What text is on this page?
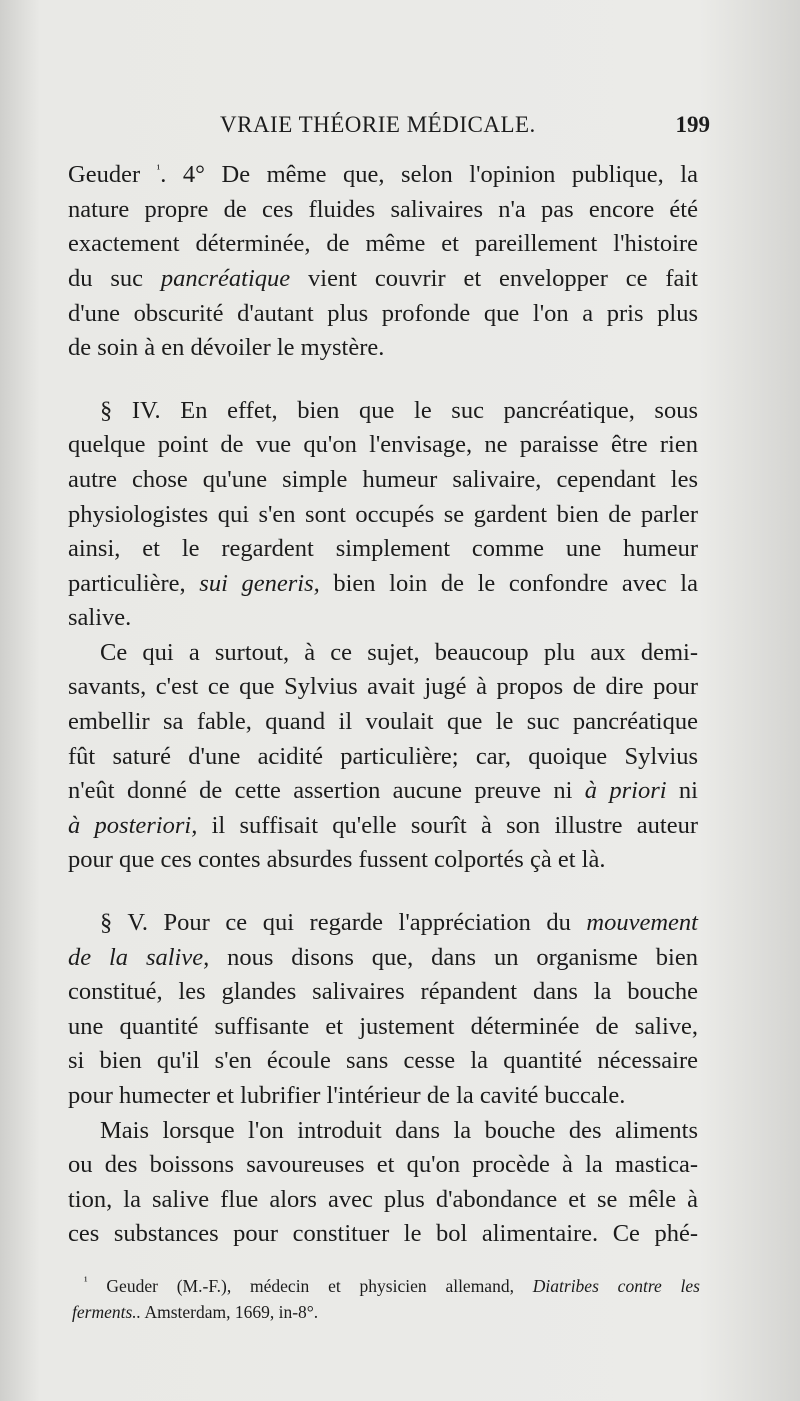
VRAIE THÉORIE MÉDICALE.	199
Geuder $^{^1}$. 4° De même que, selon l'opinion publique, la
nature propre de ces fluides salivaires n'a pas encore été
exactement déterminée, de même et pareillement l'histoire
du suc pancréatique vient couvrir et envelopper ce fait
d'une obscurité d'autant plus profonde que l'on a pris plus
de soin à en dévoiler le mystère.
§ IV. En effet, bien que le suc pancréatique, sous
quelque point de vue qu'on l'envisage, ne paraisse être rien
autre chose qu'une simple humeur salivaire, cependant les
physiologistes qui s'en sont occupés se gardent bien de parler
ainsi, et le regardent simplement comme une humeur
particulière, sui generis, bien loin de le confondre avec la
salive.
Ce qui a surtout, à ce sujet, beaucoup plu aux demi-
savants, c'est ce que Sylvius avait jugé à propos de dire pour
embellir sa fable, quand il voulait que le suc pancréatique
fût saturé d'une acidité particulière; car, quoique Sylvius
n'eût donné de cette assertion aucune preuve ni à priori ni
à posteriori, il suffisait qu'elle sourît à son illustre auteur
pour que ces contes absurdes fussent colportés çà et là.
§ V. Pour ce qui regarde l'appréciation du mouvement
de la salive, nous disons que, dans un organisme bien
constitué, les glandes salivaires répandent dans la bouche
une quantité suffisante et justement déterminée de salive,
si bien qu'il s'en écoule sans cesse la quantité nécessaire
pour humecter et lubrifier l'intérieur de la cavité buccale.
Mais lorsque l'on introduit dans la bouche des aliments
ou des boissons savoureuses et qu'on procède à la mastica-
tion, la salive flue alors avec plus d'abondance et se mêle à
ces substances pour constituer le bol alimentaire. Ce phé-
$^{^1}$ Geuder (M.-F.), médecin et physicien allemand, Diatribes contre les
ferments.. Amsterdam, 1669, in-8°.
